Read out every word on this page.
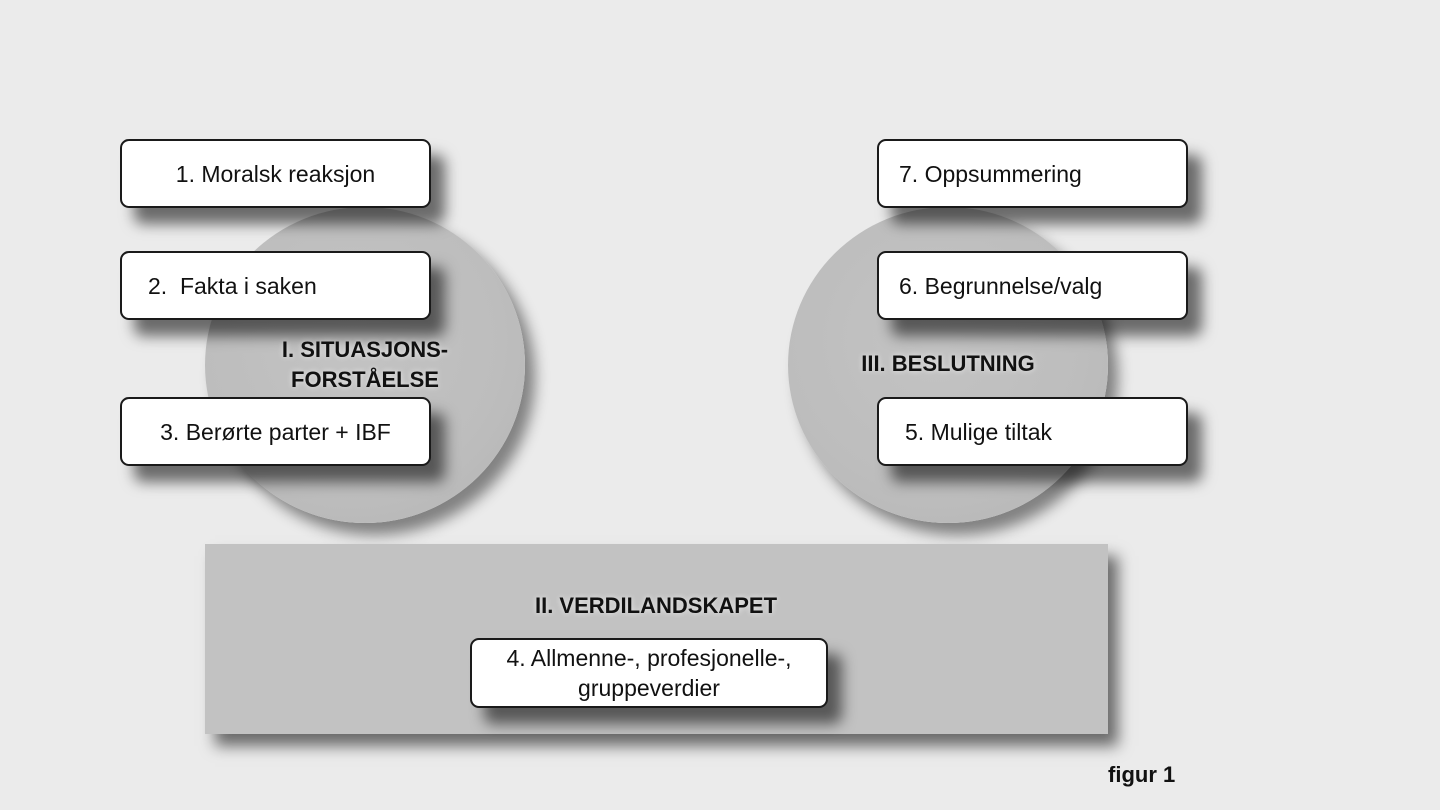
I. SITUASJONS-
FORSTÅELSE
III. BESLUTNING
II. VERDILANDSKAPET
1. Moralsk reaksjon
2.  Fakta i saken
3. Berørte parter + IBF
7. Oppsummering
6. Begrunnelse/valg
5. Mulige tiltak
4. Allmenne-, profesjonelle-,
gruppeverdier
figur 1
